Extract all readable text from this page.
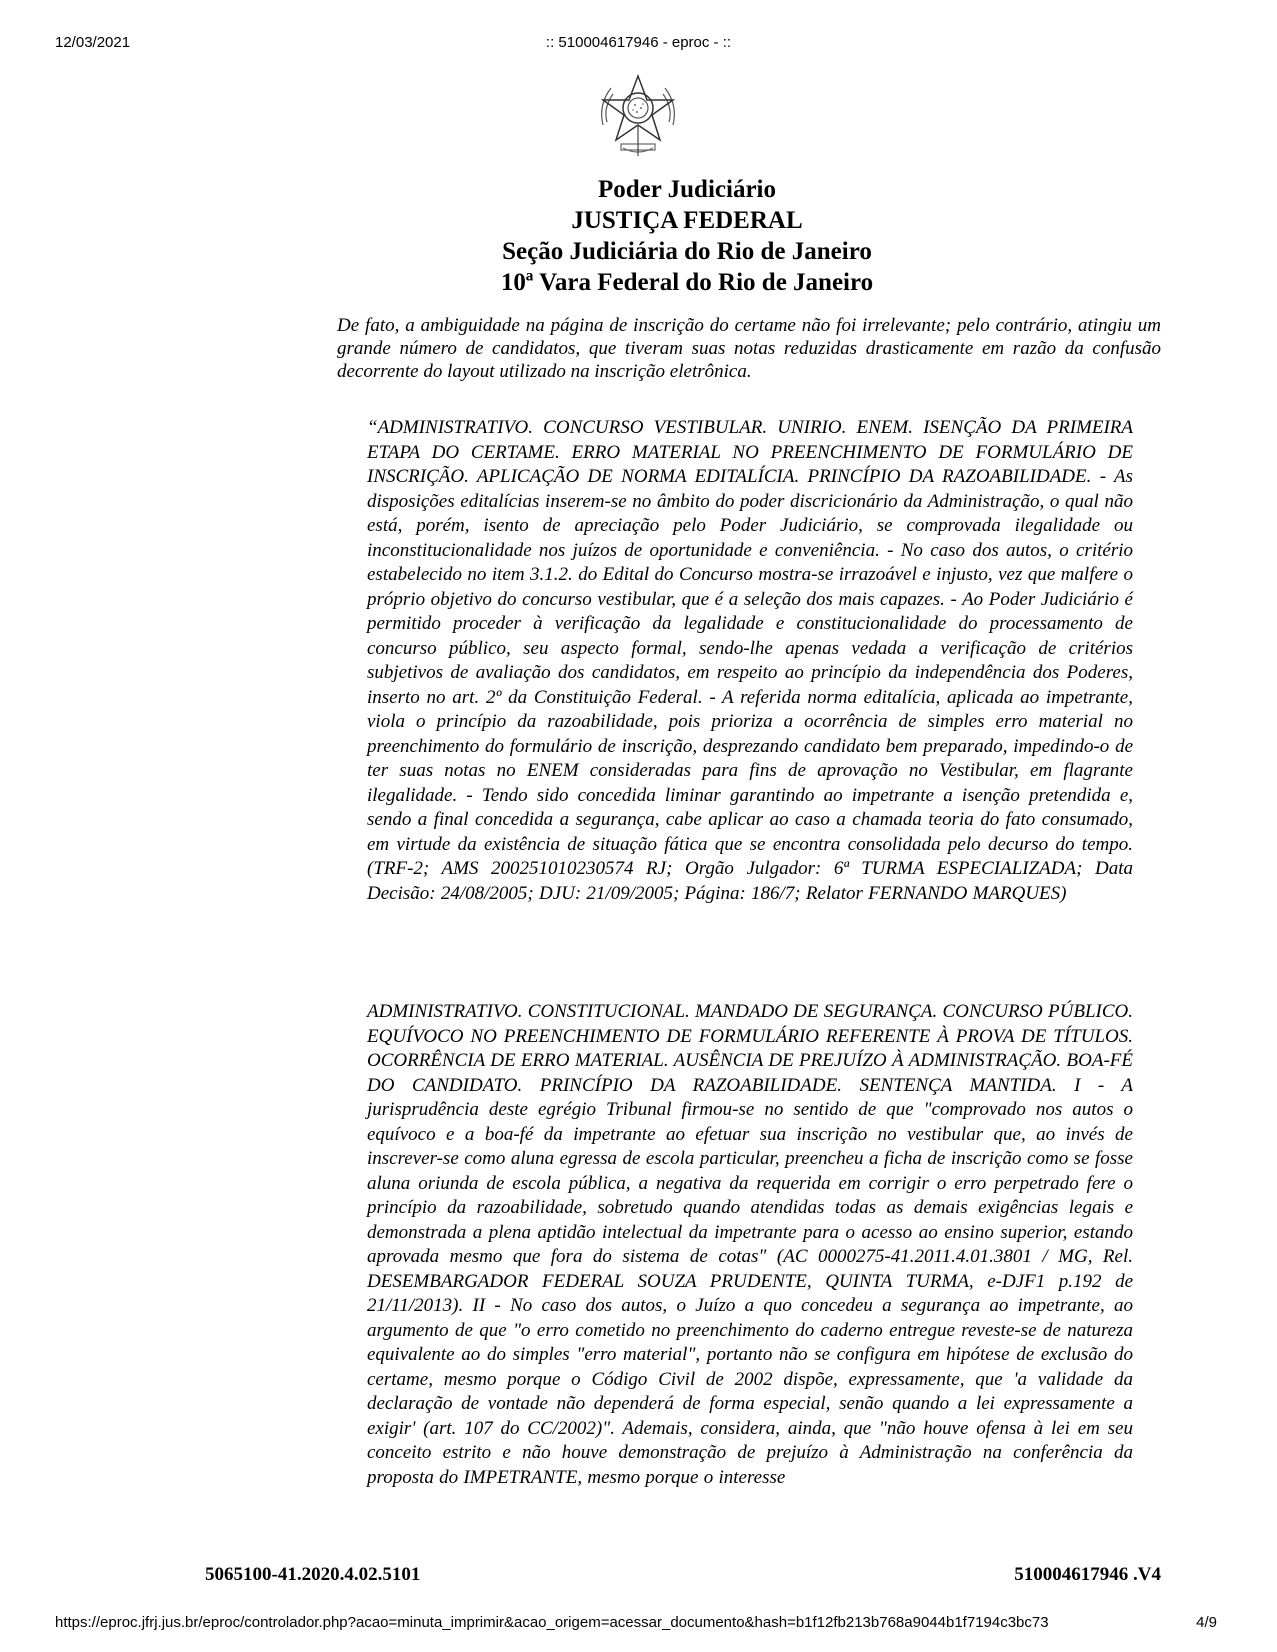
12/03/2021	:: 510004617946 - eproc - ::
Poder Judiciário
JUSTIÇA FEDERAL
Seção Judiciária do Rio de Janeiro
10ª Vara Federal do Rio de Janeiro
De fato, a ambiguidade na página de inscrição do certame não foi irrelevante; pelo contrário, atingiu um grande número de candidatos, que tiveram suas notas reduzidas drasticamente em razão da confusão decorrente do layout utilizado na inscrição eletrônica.
“ADMINISTRATIVO. CONCURSO VESTIBULAR. UNIRIO. ENEM. ISENÇÃO DA PRIMEIRA ETAPA DO CERTAME. ERRO MATERIAL NO PREENCHIMENTO DE FORMULÁRIO DE INSCRIÇÃO. APLICAÇÃO DE NORMA EDITALÍCIA. PRINCÍPIO DA RAZOABILIDADE. - As disposições editalícias inserem-se no âmbito do poder discricionário da Administração, o qual não está, porém, isento de apreciação pelo Poder Judiciário, se comprovada ilegalidade ou inconstitucionalidade nos juízos de oportunidade e conveniência. - No caso dos autos, o critério estabelecido no item 3.1.2. do Edital do Concurso mostra-se irrazoável e injusto, vez que malfere o próprio objetivo do concurso vestibular, que é a seleção dos mais capazes. - Ao Poder Judiciário é permitido proceder à verificação da legalidade e constitucionalidade do processamento de concurso público, seu aspecto formal, sendo-lhe apenas vedada a verificação de critérios subjetivos de avaliação dos candidatos, em respeito ao princípio da independência dos Poderes, inserto no art. 2º da Constituição Federal. - A referida norma editalícia, aplicada ao impetrante, viola o princípio da razoabilidade, pois prioriza a ocorrência de simples erro material no preenchimento do formulário de inscrição, desprezando candidato bem preparado, impedindo-o de ter suas notas no ENEM consideradas para fins de aprovação no Vestibular, em flagrante ilegalidade. - Tendo sido concedida liminar garantindo ao impetrante a isenção pretendida e, sendo a final concedida a segurança, cabe aplicar ao caso a chamada teoria do fato consumado, em virtude da existência de situação fática que se encontra consolidada pelo decurso do tempo. (TRF-2; AMS 200251010230574 RJ; Orgão Julgador: 6ª TURMA ESPECIALIZADA; Data Decisão: 24/08/2005; DJU: 21/09/2005; Página: 186/7; Relator FERNANDO MARQUES)
ADMINISTRATIVO. CONSTITUCIONAL. MANDADO DE SEGURANÇA. CONCURSO PÚBLICO. EQUÍVOCO NO PREENCHIMENTO DE FORMULÁRIO REFERENTE À PROVA DE TÍTULOS. OCORRÊNCIA DE ERRO MATERIAL. AUSÊNCIA DE PREJUÍZO À ADMINISTRAÇÃO. BOA-FÉ DO CANDIDATO. PRINCÍPIO DA RAZOABILIDADE. SENTENÇA MANTIDA. I - A jurisprudência deste egrégio Tribunal firmou-se no sentido de que "comprovado nos autos o equívoco e a boa-fé da impetrante ao efetuar sua inscrição no vestibular que, ao invés de inscrever-se como aluna egressa de escola particular, preencheu a ficha de inscrição como se fosse aluna oriunda de escola pública, a negativa da requerida em corrigir o erro perpetrado fere o princípio da razoabilidade, sobretudo quando atendidas todas as demais exigências legais e demonstrada a plena aptidão intelectual da impetrante para o acesso ao ensino superior, estando aprovada mesmo que fora do sistema de cotas" (AC 0000275-41.2011.4.01.3801 / MG, Rel. DESEMBARGADOR FEDERAL SOUZA PRUDENTE, QUINTA TURMA, e-DJF1 p.192 de 21/11/2013). II - No caso dos autos, o Juízo a quo concedeu a segurança ao impetrante, ao argumento de que "o erro cometido no preenchimento do caderno entregue reveste-se de natureza equivalente ao do simples "erro material", portanto não se configura em hipótese de exclusão do certame, mesmo porque o Código Civil de 2002 dispõe, expressamente, que 'a validade da declaração de vontade não dependerá de forma especial, senão quando a lei expressamente a exigir' (art. 107 do CC/2002)". Ademais, considera, ainda, que "não houve ofensa à lei em seu conceito estrito e não houve demonstração de prejuízo à Administração na conferência da proposta do IMPETRANTE, mesmo porque o interesse
5065100-41.2020.4.02.5101	510004617946 .V4
https://eproc.jfrj.jus.br/eproc/controlador.php?acao=minuta_imprimir&acao_origem=acessar_documento&hash=b1f12fb213b768a9044b1f7194c3bc73	4/9
